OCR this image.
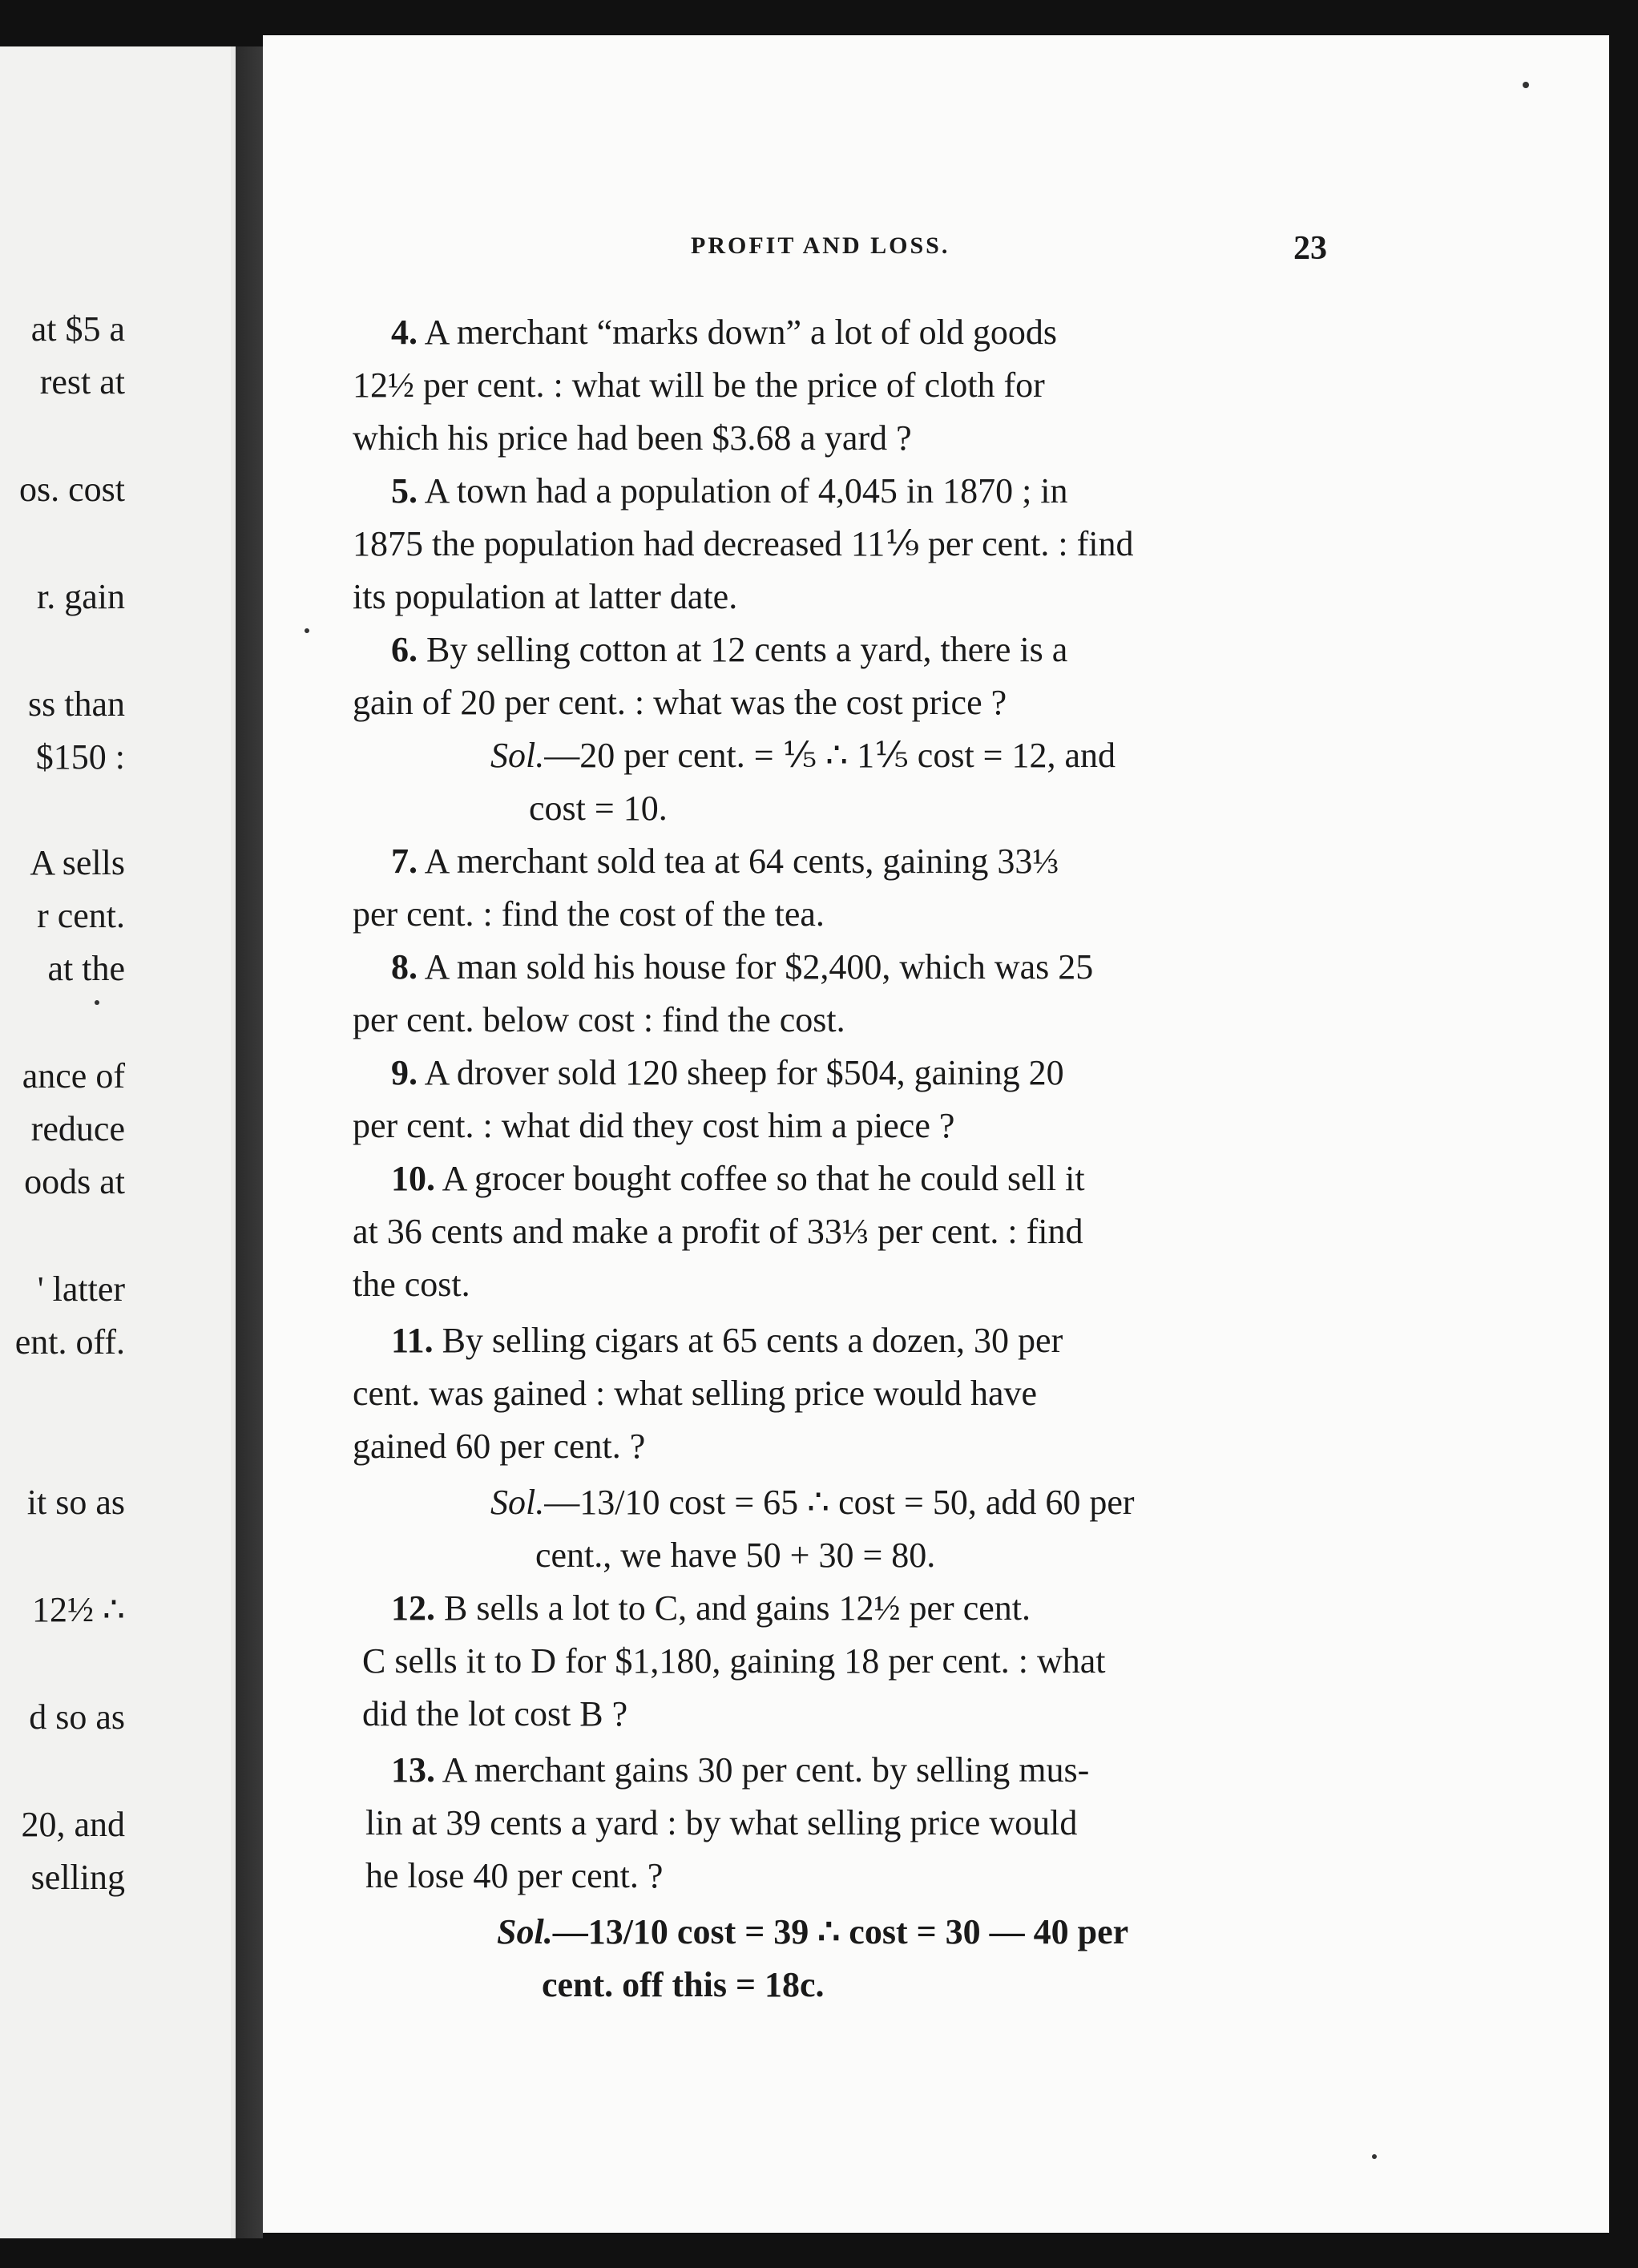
at $5 a
rest at
os. cost
r. gain
ss than
$150 :
A sells
r cent.
at the
ance of
reduce
oods at
' latter
ent. off.
it so as
12½ ∴
d so as
20, and
selling
PROFIT AND LOSS.	23
4. A merchant “marks down” a lot of old goods
12½ per cent. : what will be the price of cloth for
which his price had been $3.68 a yard ?
5. A town had a population of 4,045 in 1870 ; in
1875 the population had decreased 11⅑ per cent. : find
its population at latter date.
6. By selling cotton at 12 cents a yard, there is a
gain of 20 per cent. : what was the cost price ?
Sol.—20 per cent. = ⅕ ∴ 1⅕ cost = 12, and
cost = 10.
7. A merchant sold tea at 64 cents, gaining 33⅓
per cent. : find the cost of the tea.
8. A man sold his house for $2,400, which was 25
per cent. below cost : find the cost.
9. A drover sold 120 sheep for $504, gaining 20
per cent. : what did they cost him a piece ?
10. A grocer bought coffee so that he could sell it
at 36 cents and make a profit of 33⅓ per cent. : find
the cost.
11. By selling cigars at 65 cents a dozen, 30 per
cent. was gained : what selling price would have
gained 60 per cent. ?
Sol.—13/10 cost = 65 ∴ cost = 50, add 60 per
cent., we have 50 + 30 = 80.
12. B sells a lot to C, and gains 12½ per cent.
C sells it to D for $1,180, gaining 18 per cent. : what
did the lot cost B ?
13. A merchant gains 30 per cent. by selling mus-
lin at 39 cents a yard : by what selling price would
he lose 40 per cent. ?
Sol.—13/10 cost = 39 ∴ cost = 30 — 40 per
cent. off this = 18c.
